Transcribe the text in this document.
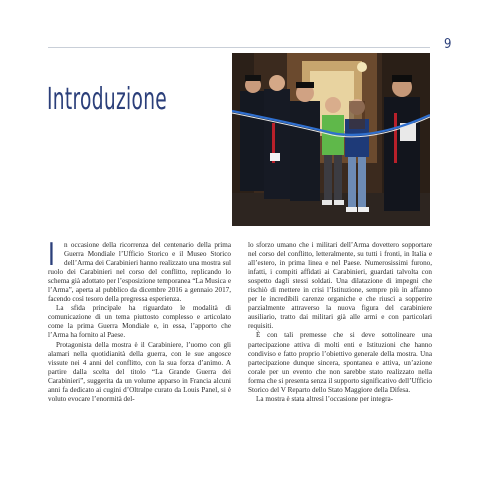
9
Introduzione

I n occasione della ricorrenza del centenario della prima Guerra Mondiale l’Ufficio Storico e il Museo Storico dell’Arma dei Carabinieri hanno realizzato una mostra sul ruolo dei Carabinieri nel corso del conflitto, replicando lo schema già adottato per l’esposizione temporanea “La Musica e l’Arma”, aperta al pubblico da dicembre 2016 a gennaio 2017, facendo così tesoro della pregressa esperienza.

La sfida principale ha riguardato le modalità di comunicazione di un tema piuttosto complesso e articolato come la prima Guerra Mondiale e, in essa, l’apporto che l’Arma ha fornito al Paese.

Protagonista della mostra è il Carabiniere, l’uomo con gli alamari nella quotidianità della guerra, con le sue angosce vissute nei 4 anni del conflitto, con la sua forza d’animo. A partire dalla scelta del titolo “La Grande Guerra dei Carabinieri”, suggerita da un volume apparso in Francia alcuni anni fa dedicato ai cugini d’Oltralpe curato da Louis Panel, si è voluto evocare l’enormità del-

lo sforzo umano che i militari dell’Arma dovettero sopportare nel corso del conflitto, letteralmente, su tutti i fronti, in Italia e all’estero, in prima linea e nel Paese. Numerosissimi furono, infatti, i compiti affidati ai Carabinieri, guardati talvolta con sospetto dagli stessi soldati. Una dilatazione di impegni che rischiò di mettere in crisi l’Istituzione, sempre più in affanno per le incredibili carenze organiche e che riuscì a sopperire parzialmente attraverso la nuova figura del carabiniere ausiliario, tratto dai militari già alle armi e con particolari requisiti.

È con tali premesse che si deve sottolineare una partecipazione attiva di molti enti e Istituzioni che hanno condiviso e fatto proprio l’obiettivo generale della mostra. Una partecipazione dunque sincera, spontanea e attiva, un’azione corale per un evento che non sarebbe stato realizzato nella forma che si presenta senza il supporto significativo dell’Ufficio Storico del V Reparto dello Stato Maggiore della Difesa.

La mostra è stata altresì l’occasione per integra-
